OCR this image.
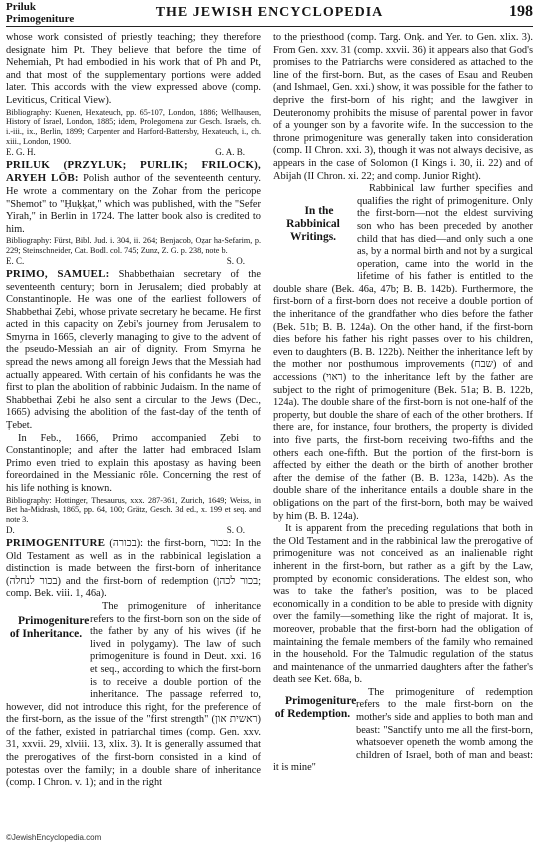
Priluk
Primogeniture	THE JEWISH ENCYCLOPEDIA	198

whose work consisted of priestly teaching; they therefore designate him Pt. They believe that before the time of Nehemiah, Pt had embodied in his work that of Ph and Pt, and that most of the supplementary portions were added later. This accords with the view expressed above (comp. Leviticus, Critical View).

Bibliography: Kuenen, Hexateuch, pp. 65-107, London, 1886; Wellhausen, History of Israel, London, 1885; idem, Prolegomena zur Gesch. Israels, ch. i.-iii., ix., Berlin, 1899; Carpenter and Harford-Battersby, Hexateuch, i., ch. xiii., London, 1900.

E. G. H.	G. A. B.

PRILUK (PRZYLUK; PURLIK; FRILOCK), ARYEH LÖB: Polish author of the seventeenth century. He wrote a commentary on the Zohar from the pericope "Shemot" to "Ḥuḳḳat," which was published, with the "Sefer Yirah," in Berlin in 1724. The latter book also is credited to him.

Bibliography: Fürst, Bibl. Jud. i. 304, ii. 264; Benjacob, Oẓar ha-Sefarim, p. 229; Steinschneider, Cat. Bodl. col. 745; Zunz, Z. G. p. 238, note b.

E. C.	S. O.

PRIMO, SAMUEL: Shabbethaian secretary of the seventeenth century; born in Jerusalem; died probably at Constantinople. He was one of the earliest followers of Shabbethai Ẓebi, whose private secretary he became. He first acted in this capacity on Ẓebi's journey from Jerusalem to Smyrna in 1665, cleverly managing to give to the advent of the pseudo-Messiah an air of dignity. From Smyrna he spread the news among all foreign Jews that the Messiah had actually appeared. With certain of his confidants he was the first to plan the abolition of rabbinic Judaism. In the name of Shabbethai Ẓebi he also sent a circular to the Jews (Dec., 1665) advising the abolition of the fast-day of the tenth of Ṭebet.

In Feb., 1666, Primo accompanied Ẓebi to Constantinople; and after the latter had embraced Islam Primo even tried to explain this apostasy as having been foreordained in the Messianic rôle. Concerning the rest of his life nothing is known.

Bibliography: Hottinger, Thesaurus, xxx. 287-361, Zurich, 1649; Weiss, in Bet ha-Midrash, 1865, pp. 64, 100; Grätz, Gesch. 3d ed., x. 199 et seq. and note 3.

D.	S. O.

PRIMOGENITURE (בכורה): the first-born, בכור: In the Old Testament as well as in the rabbinical legislation a distinction is made between the first-born of inheritance (בכור לנחלה) and the first-born of redemption (בכור לכהן; comp. Bek. viii. 1, 46a).

Primogeniture of Inheritance.
The primogeniture of inheritance refers to the first-born son on the side of the father by any of his wives (if he lived in polygamy). The law of such primogeniture is found in Deut. xxi. 16 et seq., according to which the first-born is to receive a double portion of the inheritance. The passage referred to, however, did not introduce this right, for the preference of the first-born, as the issue of the "first strength" (ראשית און) of the father, existed in patriarchal times (comp. Gen. xxv. 31, xxvii. 29, xlviii. 13, xlix. 3). It is generally assumed that the prerogatives of the first-born consisted in a kind of potestas over the family; in a double share of inheritance (comp. I Chron. v. 1); and in the right

to the priesthood (comp. Targ. Onḳ. and Yer. to Gen. xlix. 3). From Gen. xxv. 31 (comp. xxvii. 36) it appears also that God's promises to the Patriarchs were considered as attached to the line of the first-born. But, as the cases of Esau and Reuben (and Ishmael, Gen. xxi.) show, it was possible for the father to deprive the first-born of his right; and the lawgiver in Deuteronomy prohibits the misuse of parental power in favor of a younger son by a favorite wife. In the succession to the throne primogeniture was generally taken into consideration (comp. II Chron. xxi. 3), though it was not always decisive, as appears in the case of Solomon (I Kings i. 30, ii. 22) and of Abijah (II Chron. xi. 22; and comp. Junior Right).

In the Rabbinical Writings.
Rabbinical law further specifies and qualifies the right of primogeniture. Only the first-born—not the eldest surviving son who has been preceded by another child that has died—and only such a one as, by a normal birth and not by a surgical operation, came into the world in the lifetime of his father is entitled to the double share (Bek. 46a, 47b; B. B. 142b). Furthermore, the first-born of a first-born does not receive a double portion of the inheritance of the grandfather who dies before the father (Bek. 51b; B. B. 124a). On the other hand, if the first-born dies before his father his right passes over to his children, even to daughters (B. B. 122b). Neither the inheritance left by the mother nor posthumous improvements (שבח) of and accessions (ראוי) to the inheritance left by the father are subject to the right of primogeniture (Bek. 51a; B. B. 122b, 124a). The double share of the first-born is not one-half of the property, but double the share of each of the other brothers. If there are, for instance, four brothers, the property is divided into five parts, the first-born receiving two-fifths and the others each one-fifth. But the portion of the first-born is affected by either the death or the birth of another brother after the demise of the father (B. B. 123a, 142b). As the double share of the inheritance entails a double share in the obligations on the part of the first-born, both may be waived by him (B. B. 124a).

It is apparent from the preceding regulations that both in the Old Testament and in the rabbinical law the prerogative of primogeniture was not conceived as an inalienable right inherent in the first-born, but rather as a gift by the Law, prompted by economic considerations. The eldest son, who was to take the father's position, was to be placed economically in a condition to be able to preside with dignity over the family—something like the right of majorat. It is, moreover, probable that the first-born had the obligation of maintaining the female members of the family who remained in the household. For the Talmudic regulation of the status and maintenance of the unmarried daughters after the father's death see Ket. 68a, b.

Primogeniture of Redemption.
The primogeniture of redemption refers to the male first-born on the mother's side and applies to both man and beast: "Sanctify unto me all the first-born, whatsoever openeth the womb among the children of Israel, both of man and beast: it is mine"

©JewishEncyclopedia.com
